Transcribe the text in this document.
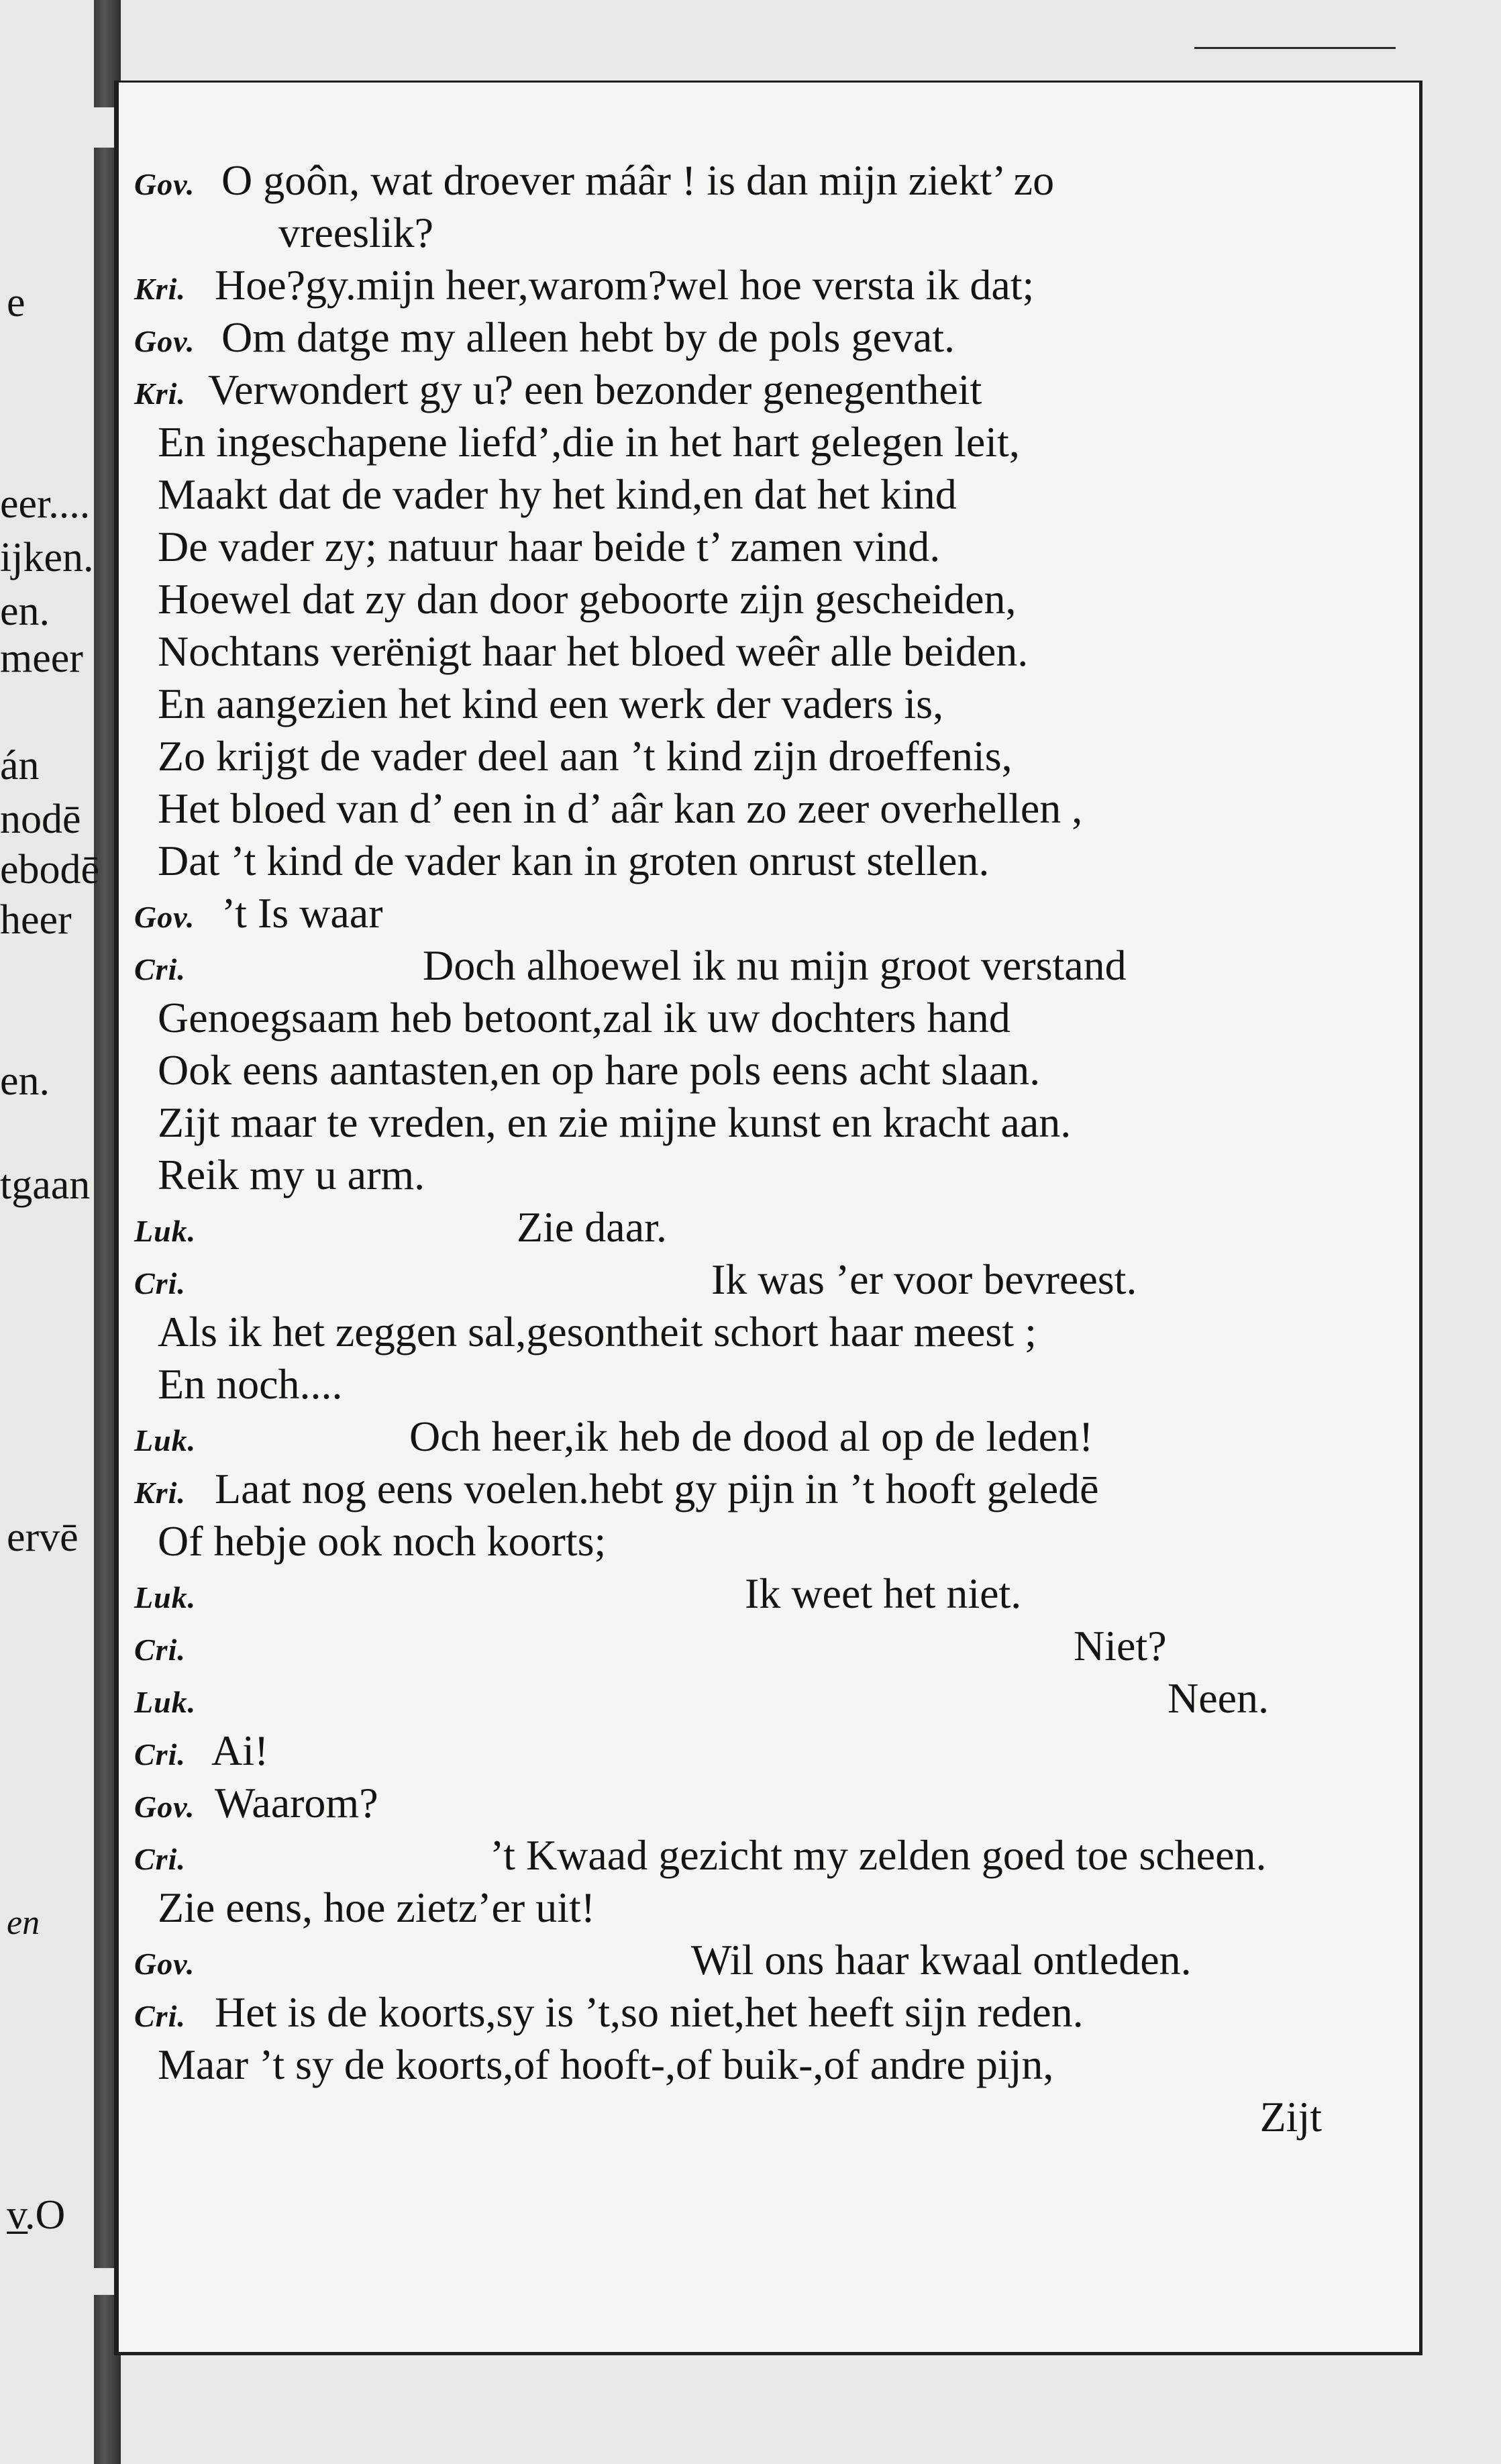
e
eer....
ijken.
en.
meer
án
nodē
ebodē
heer
en.
tgaan
ervē
en
v̲.O
Gov. O goôn, wat droever máâr ! is dan mijn ziekt’ zo
vreeslik?
Kri. Hoe?gy.mijn heer,warom?wel hoe versta ik dat;
Gov. Om datge my alleen hebt by de pols gevat.
Kri. Verwondert gy u? een bezonder genegentheit
En ingeschapene liefd’,die in het hart gelegen leit,
Maakt dat de vader hy het kind,en dat het kind
De vader zy; natuur haar beide t’ zamen vind.
Hoewel dat zy dan door geboorte zijn gescheiden,
Nochtans verënigt haar het bloed weêr alle beiden.
En aangezien het kind een werk der vaders is,
Zo krijgt de vader deel aan ’t kind zijn droeffenis,
Het bloed van d’ een in d’ aâr kan zo zeer overhellen ,
Dat ’t kind de vader kan in groten onrust stellen.
Gov. ’t Is waar
Cri.	Doch alhoewel ik nu mijn groot verstand
Genoegsaam heb betoont,zal ik uw dochters hand
Ook eens aantasten,en op hare pols eens acht slaan.
Zijt maar te vreden, en zie mijne kunst en kracht aan.
Reik my u arm.
Luk.	Zie daar.
Cri.	Ik was ’er voor bevreest.
Als ik het zeggen sal,gesontheit schort haar meest ;
En noch....
Luk.	Och heer,ik heb de dood al op de leden!
Kri. Laat nog eens voelen.hebt gy pijn in ’t hooft geledē
Of hebje ook noch koorts;
Luk.	Ik weet het niet.
Cri.	Niet?
Luk.	Neen.
Cri. Ai!
Gov. Waarom?
Cri.	’t Kwaad gezicht my zelden goed toe scheen.
Zie eens, hoe zietz’er uit!
Gov.	Wil ons haar kwaal ontleden.
Cri. Het is de koorts,sy is ’t,so niet,het heeft sijn reden.
Maar ’t sy de koorts,of hooft-,of buik-,of andre pijn,
Zijt
